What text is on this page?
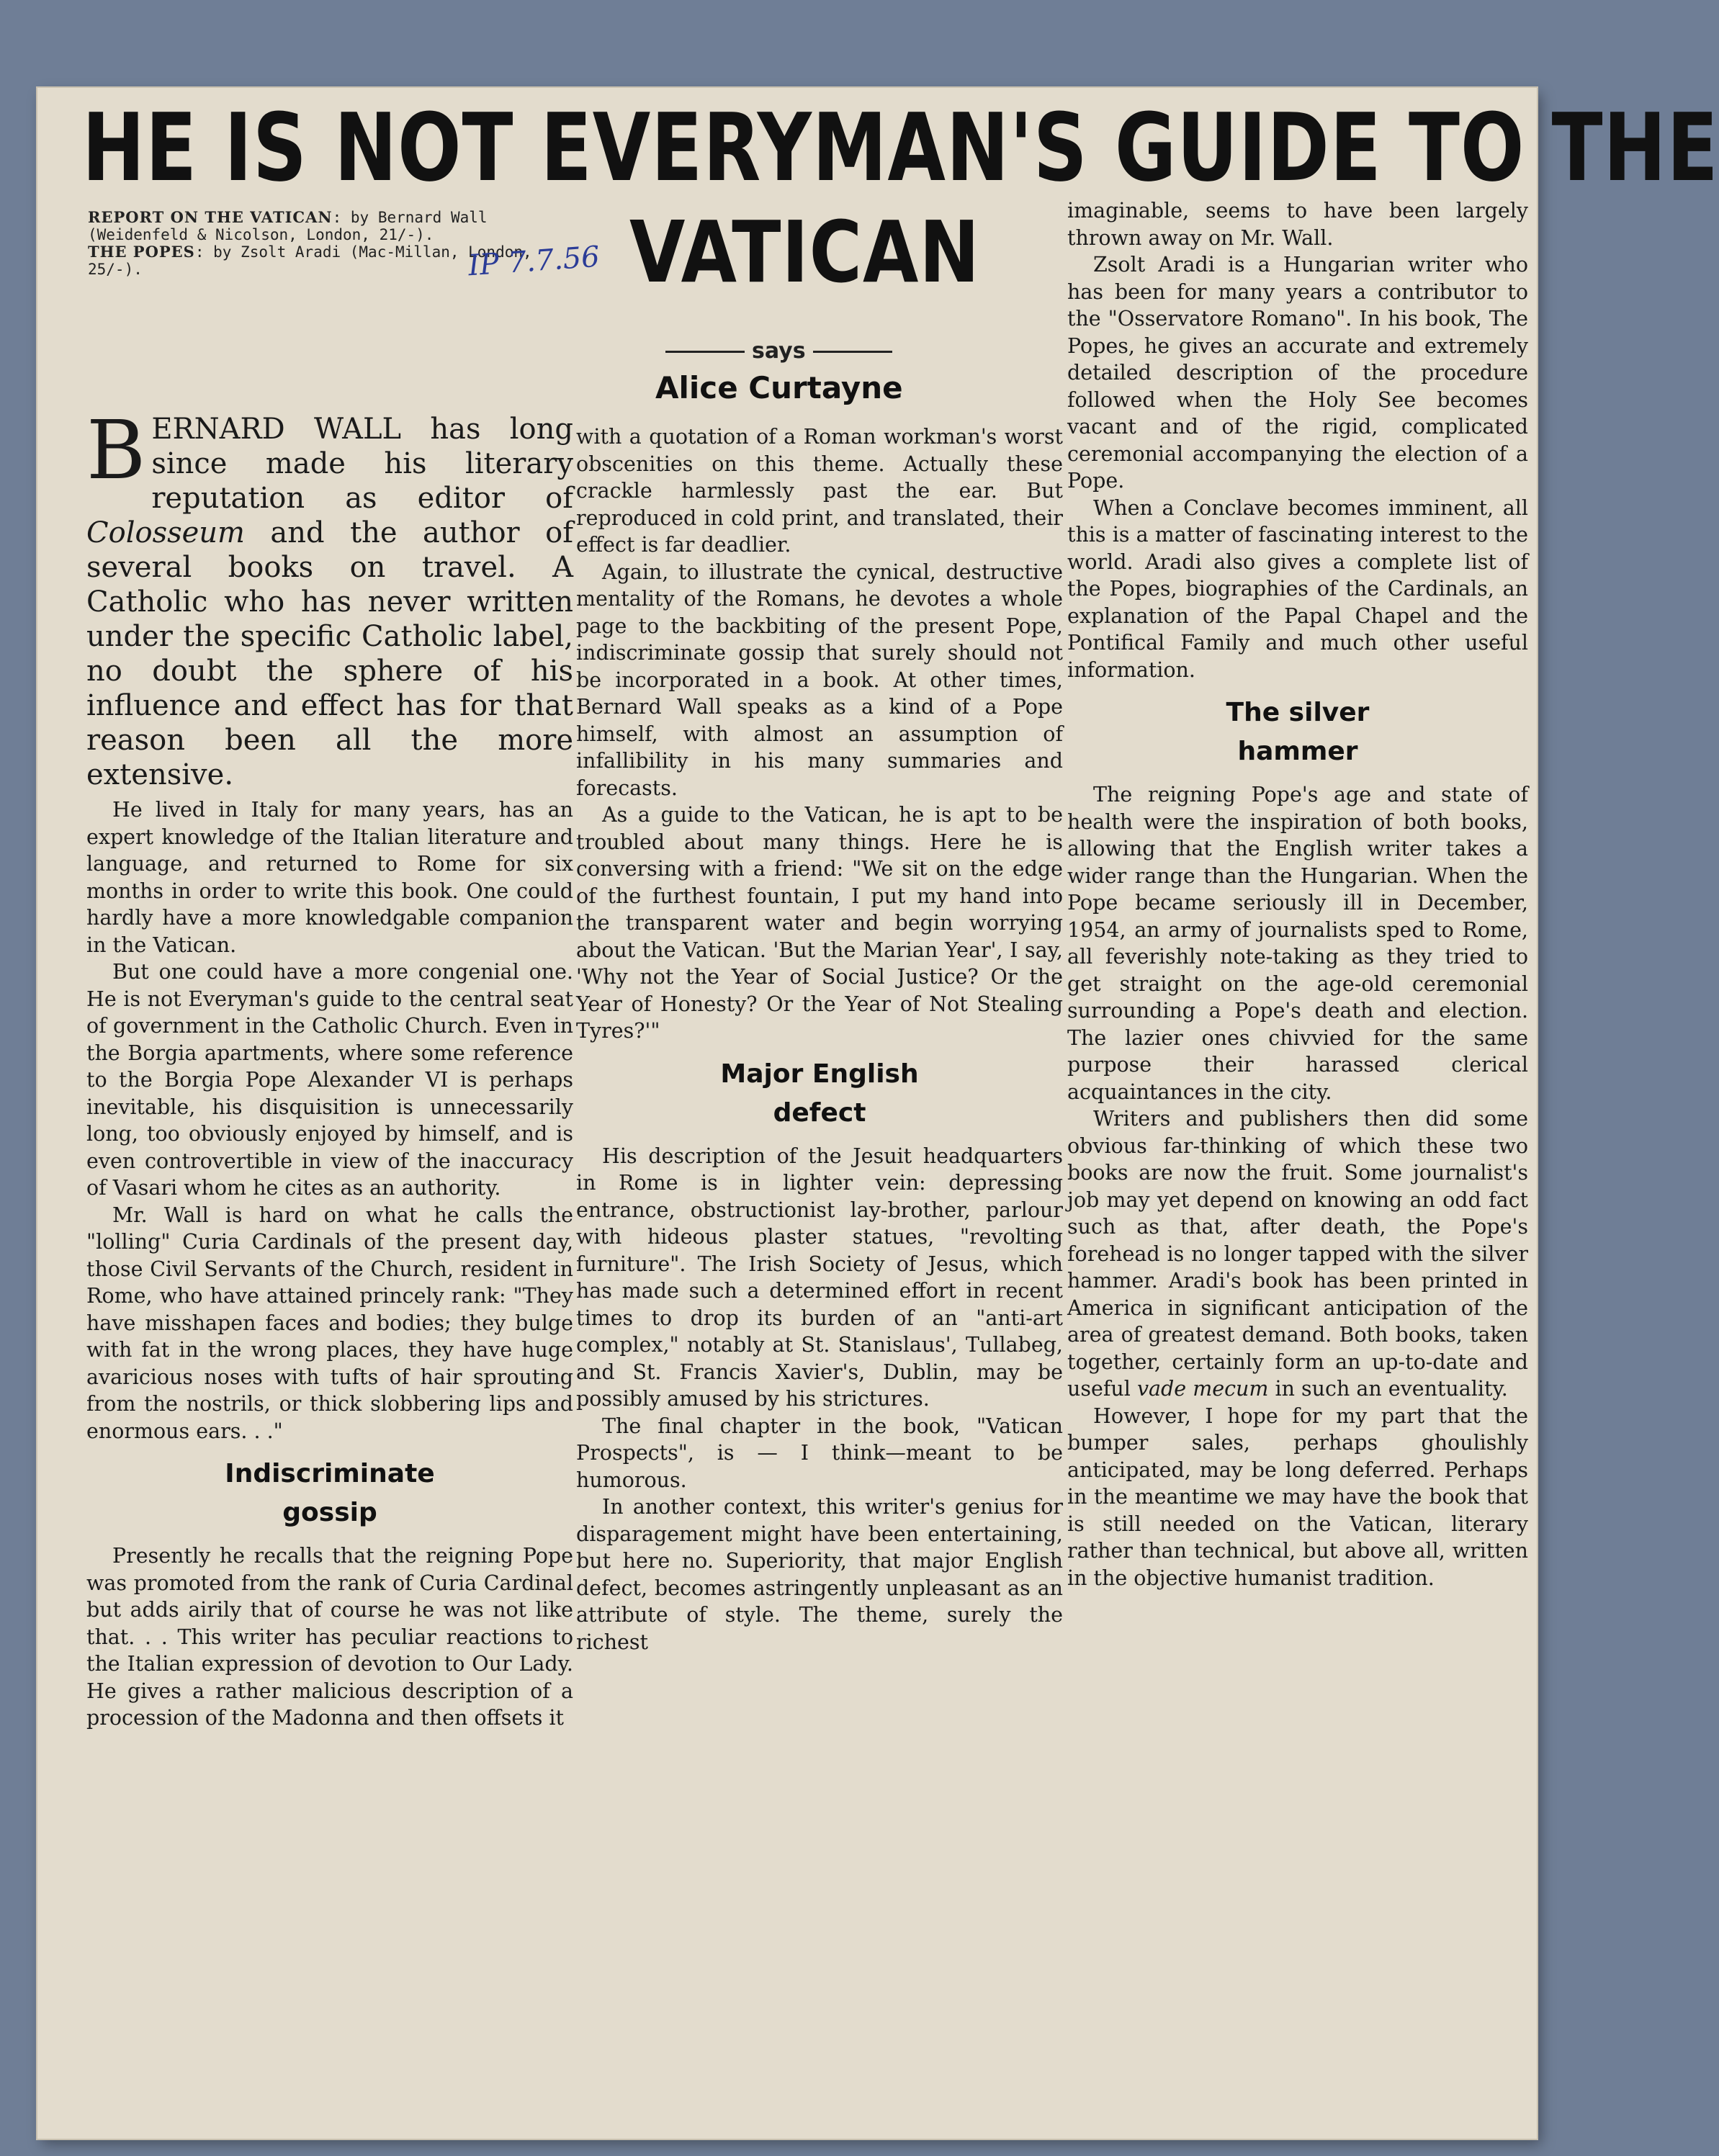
HE IS NOT EVERYMAN'S GUIDE TO THE
VATICAN
REPORT ON THE VATICAN: by Bernard Wall (Weidenfeld & Nicolson, London, 21/-).
THE POPES: by Zsolt Aradi (Mac-Millan, London, 25/-).	IP 7.7.56
says
Alice Curtayne
BERNARD WALL has long since made his literary reputation as editor of Colosseum and the author of several books on travel. A Catholic who has never written under the specific Catholic label, no doubt the sphere of his influence and effect has for that reason been all the more extensive.

He lived in Italy for many years, has an expert knowledge of the Italian literature and language, and returned to Rome for six months in order to write this book. One could hardly have a more knowledgable companion in the Vatican.

But one could have a more congenial one. He is not Everyman's guide to the central seat of government in the Catholic Church. Even in the Borgia apartments, where some reference to the Borgia Pope Alexander VI is perhaps inevitable, his disquisition is unnecessarily long, too obviously enjoyed by himself, and is even controvertible in view of the inaccuracy of Vasari whom he cites as an authority.

Mr. Wall is hard on what he calls the "lolling" Curia Cardinals of the present day, those Civil Servants of the Church, resident in Rome, who have attained princely rank: "They have misshapen faces and bodies; they bulge with fat in the wrong places, they have huge avaricious noses with tufts of hair sprouting from the nostrils, or thick slobbering lips and enormous ears. . ."

Indiscriminate
gossip

Presently he recalls that the reigning Pope was promoted from the rank of Curia Cardinal but adds airily that of course he was not like that. . . This writer has peculiar reactions to the Italian expression of devotion to Our Lady. He gives a rather malicious description of a procession of the Madonna and then offsets it

with a quotation of a Roman workman's worst obscenities on this theme. Actually these crackle harmlessly past the ear. But reproduced in cold print, and translated, their effect is far deadlier.

Again, to illustrate the cynical, destructive mentality of the Romans, he devotes a whole page to the backbiting of the present Pope, indiscriminate gossip that surely should not be incorporated in a book. At other times, Bernard Wall speaks as a kind of a Pope himself, with almost an assumption of infallibility in his many summaries and forecasts.

As a guide to the Vatican, he is apt to be troubled about many things. Here he is conversing with a friend: "We sit on the edge of the furthest fountain, I put my hand into the transparent water and begin worrying about the Vatican. 'But the Marian Year', I say, 'Why not the Year of Social Justice? Or the Year of Honesty? Or the Year of Not Stealing Tyres?'"

Major English
defect

His description of the Jesuit headquarters in Rome is in lighter vein: depressing entrance, obstructionist lay-brother, parlour with hideous plaster statues, "revolting furniture". The Irish Society of Jesus, which has made such a determined effort in recent times to drop its burden of an "anti-art complex," notably at St. Stanislaus', Tullabeg, and St. Francis Xavier's, Dublin, may be possibly amused by his strictures.

The final chapter in the book, "Vatican Prospects", is — I think—meant to be humorous.

In another context, this writer's genius for disparagement might have been entertaining, but here no. Superiority, that major English defect, becomes astringently unpleasant as an attribute of style. The theme, surely the richest

imaginable, seems to have been largely thrown away on Mr. Wall.

Zsolt Aradi is a Hungarian writer who has been for many years a contributor to the "Osservatore Romano". In his book, The Popes, he gives an accurate and extremely detailed description of the procedure followed when the Holy See becomes vacant and of the rigid, complicated ceremonial accompanying the election of a Pope.

When a Conclave becomes imminent, all this is a matter of fascinating interest to the world. Aradi also gives a complete list of the Popes, biographies of the Cardinals, an explanation of the Papal Chapel and the Pontifical Family and much other useful information.

The silver
hammer

The reigning Pope's age and state of health were the inspiration of both books, allowing that the English writer takes a wider range than the Hungarian. When the Pope became seriously ill in December, 1954, an army of journalists sped to Rome, all feverishly note-taking as they tried to get straight on the age-old ceremonial surrounding a Pope's death and election. The lazier ones chivvied for the same purpose their harassed clerical acquaintances in the city.

Writers and publishers then did some obvious far-thinking of which these two books are now the fruit. Some journalist's job may yet depend on knowing an odd fact such as that, after death, the Pope's forehead is no longer tapped with the silver hammer. Aradi's book has been printed in America in significant anticipation of the area of greatest demand. Both books, taken together, certainly form an up-to-date and useful vade mecum in such an eventuality.

However, I hope for my part that the bumper sales, perhaps ghoulishly anticipated, may be long deferred. Perhaps in the meantime we may have the book that is still needed on the Vatican, literary rather than technical, but above all, written in the objective humanist tradition.
